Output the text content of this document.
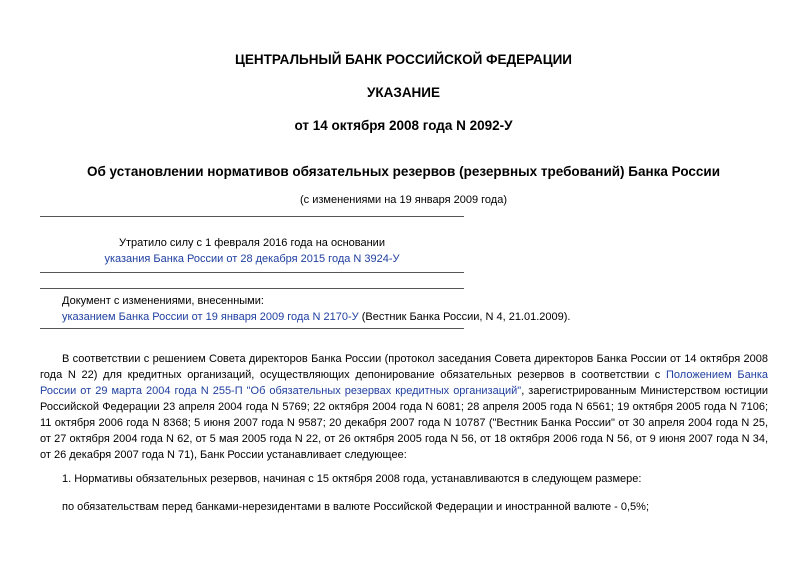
ЦЕНТРАЛЬНЫЙ БАНК РОССИЙСКОЙ ФЕДЕРАЦИИ
УКАЗАНИЕ
от 14 октября 2008 года N 2092-У
Об установлении нормативов обязательных резервов (резервных требований) Банка России
(с изменениями на 19 января 2009 года)
Утратило силу с 1 февраля 2016 года на основании
указания Банка России от 28 декабря 2015 года N 3924-У
Документ с изменениями, внесенными:
указанием Банка России от 19 января 2009 года N 2170-У (Вестник Банка России, N 4, 21.01.2009).
В соответствии с решением Совета директоров Банка России (протокол заседания Совета директоров Банка России от 14 октября 2008 года N 22) для кредитных организаций, осуществляющих депонирование обязательных резервов в соответствии с Положением Банка России от 29 марта 2004 года N 255-П "Об обязательных резервах кредитных организаций", зарегистрированным Министерством юстиции Российской Федерации 23 апреля 2004 года N 5769; 22 октября 2004 года N 6081; 28 апреля 2005 года N 6561; 19 октября 2005 года N 7106; 11 октября 2006 года N 8368; 5 июня 2007 года N 9587; 20 декабря 2007 года N 10787 ("Вестник Банка России" от 30 апреля 2004 года N 25, от 27 октября 2004 года N 62, от 5 мая 2005 года N 22, от 26 октября 2005 года N 56, от 18 октября 2006 года N 56, от 9 июня 2007 года N 34, от 26 декабря 2007 года N 71), Банк России устанавливает следующее:
1. Нормативы обязательных резервов, начиная с 15 октября 2008 года, устанавливаются в следующем размере:
по обязательствам перед банками-нерезидентами в валюте Российской Федерации и иностранной валюте - 0,5%;
